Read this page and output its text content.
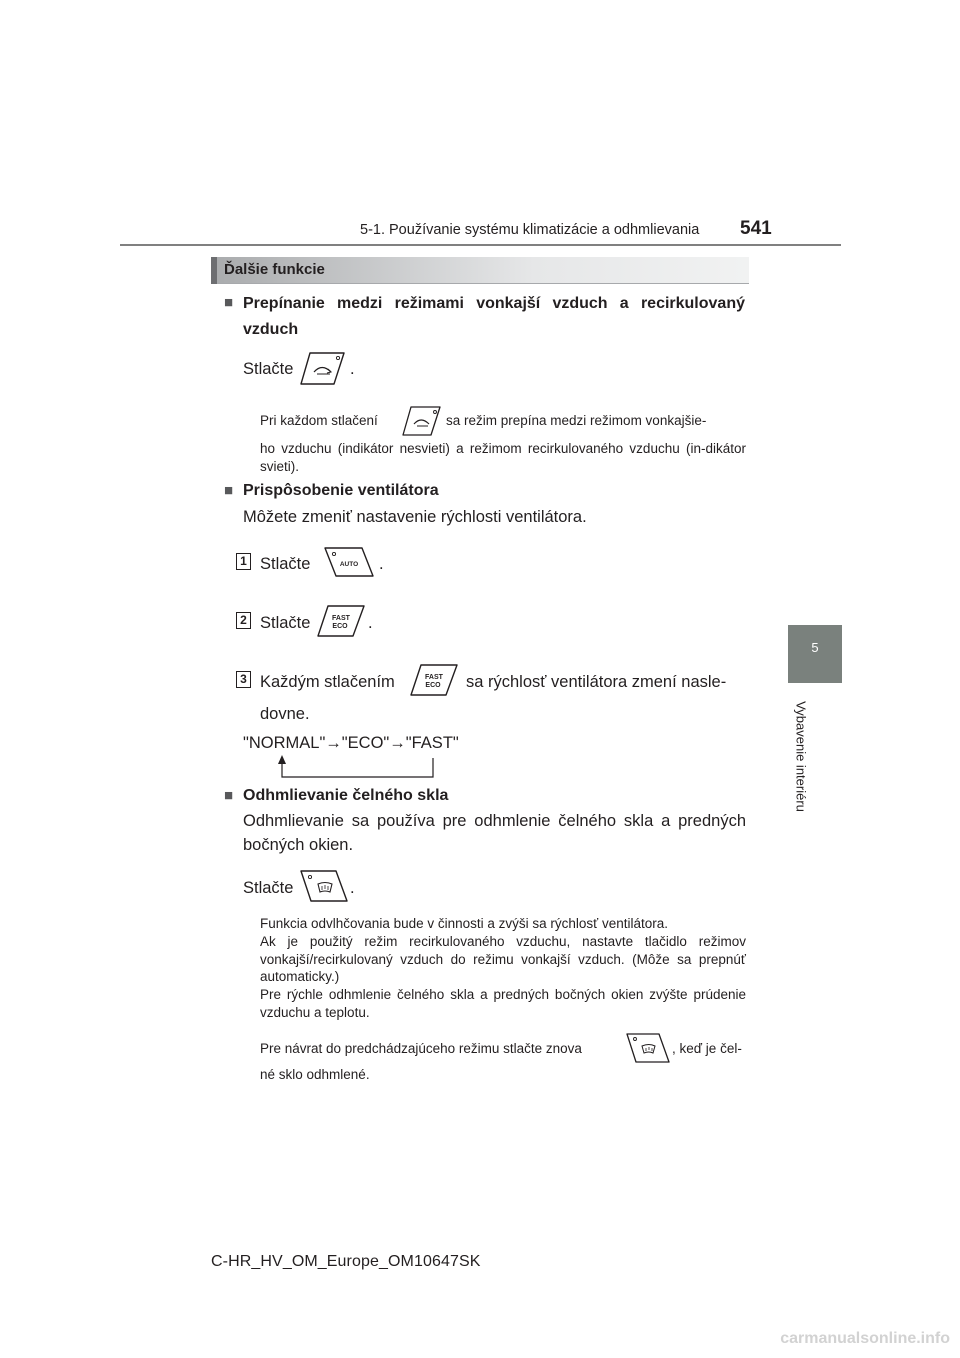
5-1. Používanie systému klimatizácie a odhmlievania 541
5
Vybavenie interiéru
Ďalšie funkcie
■ Prepínanie medzi režimami vonkajší vzduch a recirkulovaný vzduch
Stlačte	.
Pri každom stlačení	sa režim prepína medzi režimom vonkajšie-
ho vzduchu (indikátor nesvieti) a režimom recirkulovaného vzduchu (in-dikátor svieti).
■ Prispôsobenie ventilátora
Môžete zmeniť nastavenie rýchlosti ventilátora.
1 Stlačte	AUTO .
2 Stlačte	FAST
ECO .
3 Každým stlačením	FAST
ECO sa rýchlosť ventilátora zmení nasle-
dovne.
"NORMAL"→"ECO"→"FAST"
■ Odhmlievanie čelného skla
Odhmlievanie sa používa pre odhmlenie čelného skla a predných bočných okien.
Stlačte	.
Funkcia odvlhčovania bude v činnosti a zvýši sa rýchlosť ventilátora.
Ak je použitý režim recirkulovaného vzduchu, nastavte tlačidlo režimov vonkajší/recirkulovaný vzduch do režimu vonkajší vzduch. (Môže sa prepnúť automaticky.)
Pre rýchle odhmlenie čelného skla a predných bočných okien zvýšte prúdenie vzduchu a teplotu.
Pre návrat do predchádzajúceho režimu stlačte znova	, keď je čel-
né sklo odhmlené.
C-HR_HV_OM_Europe_OM10647SK
carmanualsonline.info
